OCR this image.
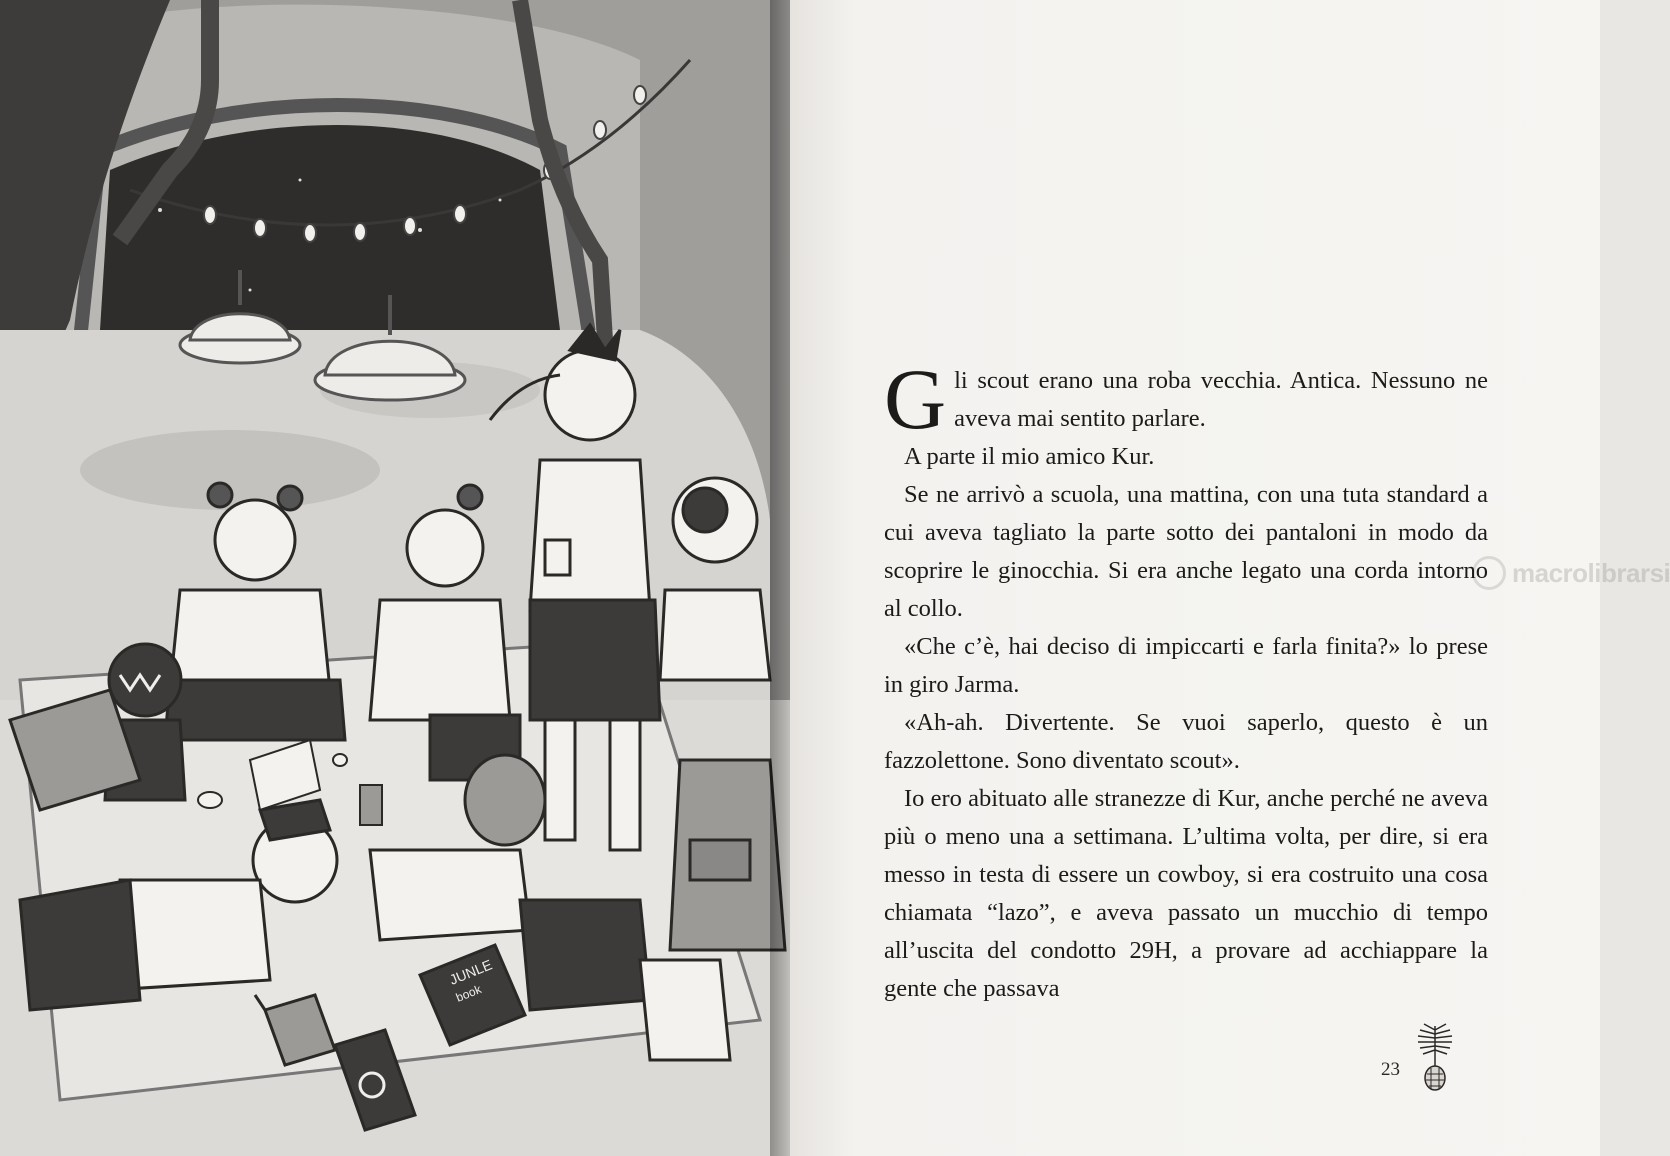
JUNLE
book
macrolibrarsi

Gli scout erano una roba vecchia. Antica. Nessuno ne aveva mai sentito parlare.

A parte il mio amico Kur.

Se ne arrivò a scuola, una mattina, con una tuta standard a cui aveva tagliato la parte sotto dei pantaloni in modo da scoprire le ginocchia. Si era anche legato una corda intorno al collo.

«Che c’è, hai deciso di impiccarti e farla finita?» lo prese in giro Jarma.

«Ah-ah. Divertente. Se vuoi saperlo, questo è un fazzolettone. Sono diventato scout».

Io ero abituato alle stranezze di Kur, anche perché ne aveva più o meno una a settimana. L’ultima volta, per dire, si era messo in testa di essere un cowboy, si era costruito una cosa chiamata “lazo”, e aveva passato un mucchio di tempo all’uscita del condotto 29H, a provare ad acchiappare la gente che passava

23
